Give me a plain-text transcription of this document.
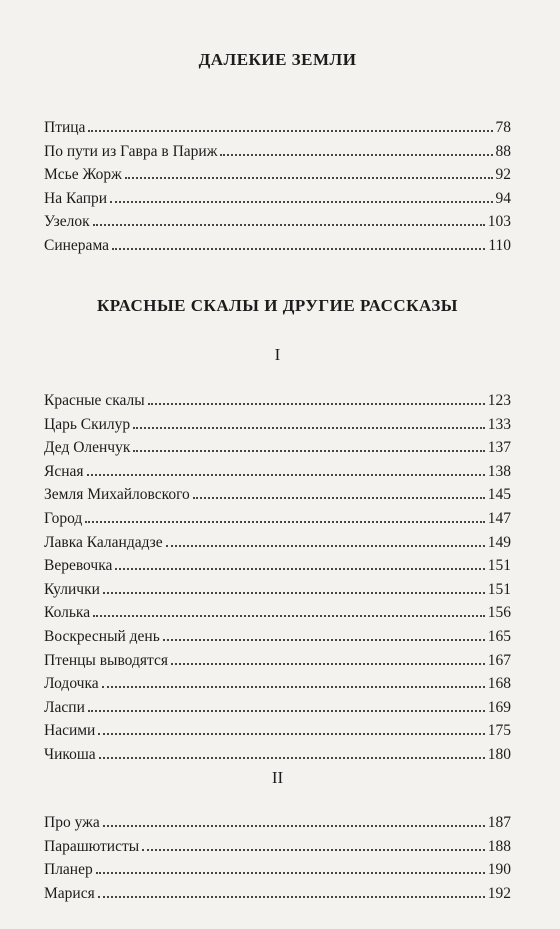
ДАЛЕКИЕ ЗЕМЛИ
Птица	78
По пути из Гавра в Париж	88
Мсье Жорж	92
На Капри	94
Узелок	103
Синерама	110
КРАСНЫЕ СКАЛЫ И ДРУГИЕ РАССКАЗЫ
I
Красные скалы	123
Царь Скилур	133
Дед Оленчук	137
Ясная	138
Земля Михайловского	145
Город	147
Лавка Каландадзе	149
Веревочка	151
Кулички	151
Колька	156
Воскресный день	165
Птенцы выводятся	167
Лодочка	168
Ласпи	169
Насими	175
Чикоша	180
II
Про ужа	187
Парашютисты	188
Планер	190
Марися	192
